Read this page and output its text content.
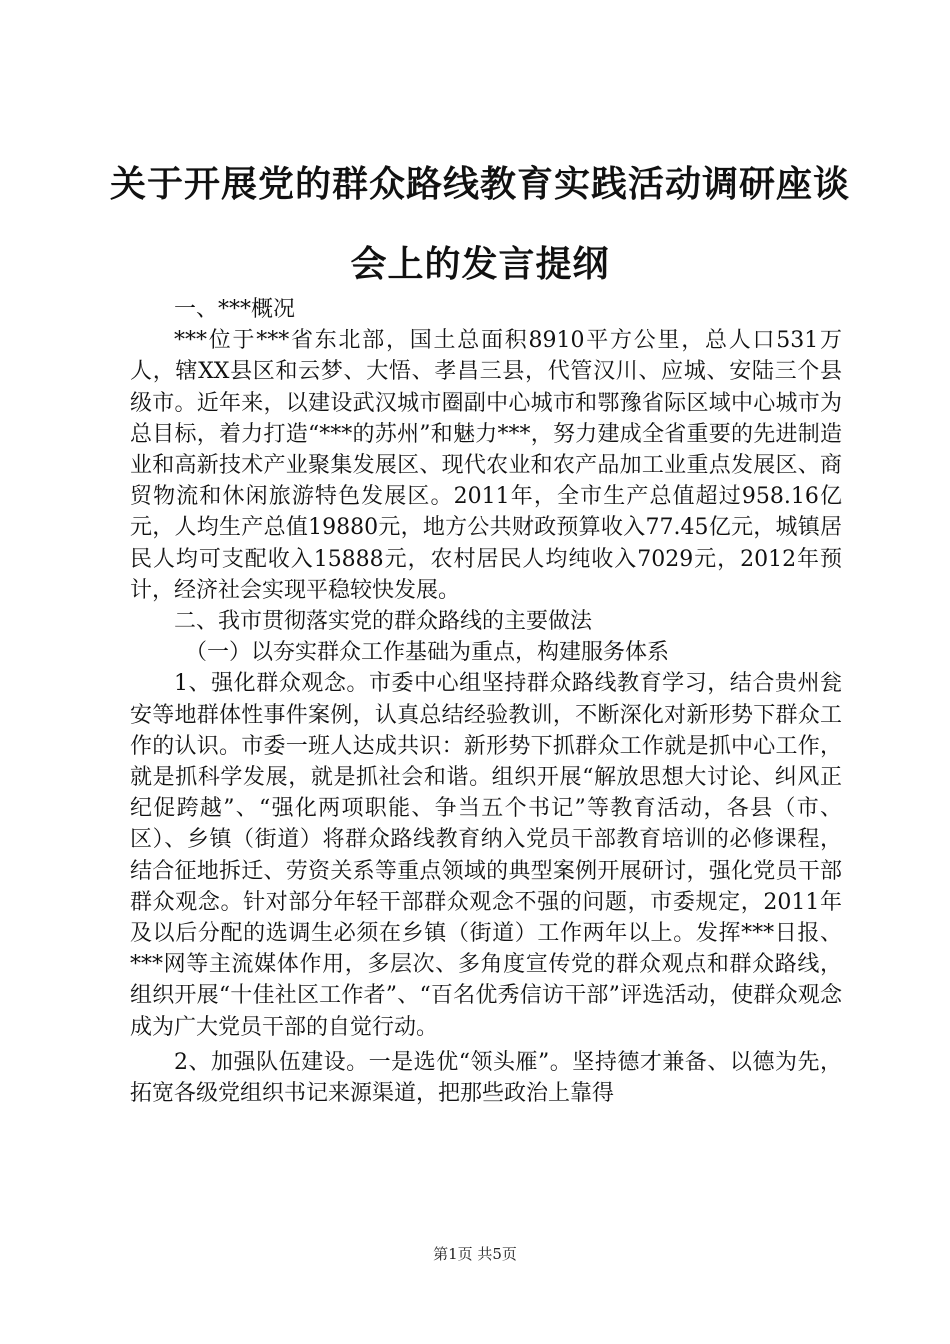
关于开展党的群众路线教育实践活动调研座谈
会上的发言提纲

一、***概况

***位于***省东北部，国土总面积8910平方公里，总人口531万人，辖XX县区和云梦、大悟、孝昌三县，代管汉川、应城、安陆三个县级市。近年来，以建设武汉城市圈副中心城市和鄂豫省际区域中心城市为总目标，着力打造“***的苏州”和魅力***，努力建成全省重要的先进制造业和高新技术产业聚集发展区、现代农业和农产品加工业重点发展区、商贸物流和休闲旅游特色发展区。2011年，全市生产总值超过958.16亿元，人均生产总值19880元，地方公共财政预算收入77.45亿元，城镇居民人均可支配收入15888元，农村居民人均纯收入7029元，2012年预计，经济社会实现平稳较快发展。

二、我市贯彻落实党的群众路线的主要做法

（一）以夯实群众工作基础为重点，构建服务体系

1、强化群众观念。市委中心组坚持群众路线教育学习，结合贵州瓮安等地群体性事件案例，认真总结经验教训，不断深化对新形势下群众工作的认识。市委一班人达成共识：新形势下抓群众工作就是抓中心工作，就是抓科学发展，就是抓社会和谐。组织开展“解放思想大讨论、纠风正纪促跨越”、“强化两项职能、争当五个书记”等教育活动，各县（市、区）、乡镇（街道）将群众路线教育纳入党员干部教育培训的必修课程，结合征地拆迁、劳资关系等重点领域的典型案例开展研讨，强化党员干部群众观念。针对部分年轻干部群众观念不强的问题，市委规定，2011年及以后分配的选调生必须在乡镇（街道）工作两年以上。发挥***日报、***网等主流媒体作用，多层次、多角度宣传党的群众观点和群众路线，组织开展“十佳社区工作者”、“百名优秀信访干部”评选活动，使群众观念成为广大党员干部的自觉行动。

2、加强队伍建设。一是选优“领头雁”。坚持德才兼备、以德为先，拓宽各级党组织书记来源渠道，把那些政治上靠得

第1页 共5页
